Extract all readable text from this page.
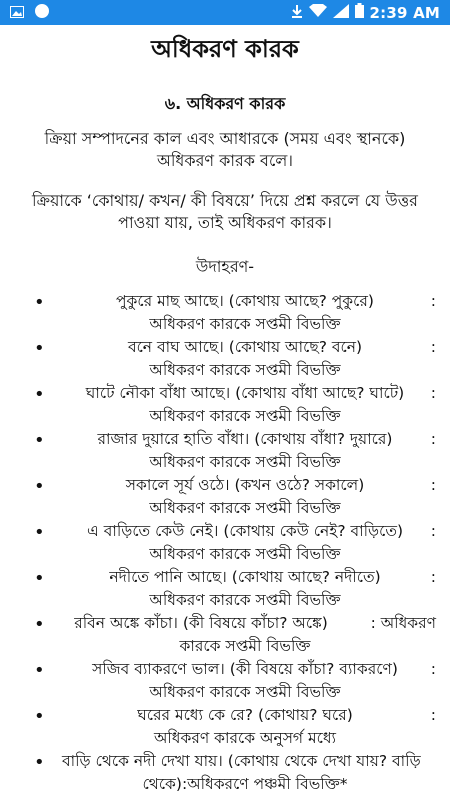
2:39 AM
অধিকরণ কারক
৬. অধিকরণ কারক
ক্রিয়া সম্পাদনের কাল এবং আধারকে (সময় এবং স্থানকে) অধিকরণ কারক বলে।
ক্রিয়াকে ‘কোথায়/ কখন/ কী বিষয়ে’ দিয়ে প্রশ্ন করলে যে উত্তর পাওয়া যায়, তাই অধিকরণ কারক।
উদাহরণ-
•	পুকুরে মাছ আছে। (কোথায় আছে? পুকুরে)	:
অধিকরণ কারকে সপ্তমী বিভক্তি
•	বনে বাঘ আছে। (কোথায় আছে? বনে)	:
অধিকরণ কারকে সপ্তমী বিভক্তি
•	ঘাটে নৌকা বাঁধা আছে। (কোথায় বাঁধা আছে? ঘাটে)	:
অধিকরণ কারকে সপ্তমী বিভক্তি
•	রাজার দুয়ারে হাতি বাঁধা। (কোথায় বাঁধা? দুয়ারে)	:
অধিকরণ কারকে সপ্তমী বিভক্তি
•	সকালে সূর্য ওঠে। (কখন ওঠে? সকালে)	:
অধিকরণ কারকে সপ্তমী বিভক্তি
•	এ বাড়িতে কেউ নেই। (কোথায় কেউ নেই? বাড়িতে)	:
অধিকরণ কারকে সপ্তমী বিভক্তি
•	নদীতে পানি আছে। (কোথায় আছে? নদীতে)	:
অধিকরণ কারকে সপ্তমী বিভক্তি
•	রবিন অঙ্কে কাঁচা। (কী বিষয়ে কাঁচা? অঙ্কে)	: অধিকরণ
কারকে সপ্তমী বিভক্তি
•	সজিব ব্যাকরণে ভাল। (কী বিষয়ে কাঁচা? ব্যাকরণে)	:
অধিকরণ কারকে সপ্তমী বিভক্তি
•	ঘরের মধ্যে কে রে? (কোথায়? ঘরে)	:
অধিকরণ কারকে অনুসর্গ মধ্যে
• বাড়ি থেকে নদী দেখা যায়। (কোথায় থেকে দেখা যায়? বাড়ি
থেকে):অধিকরণে পঞ্চমী বিভক্তি*
